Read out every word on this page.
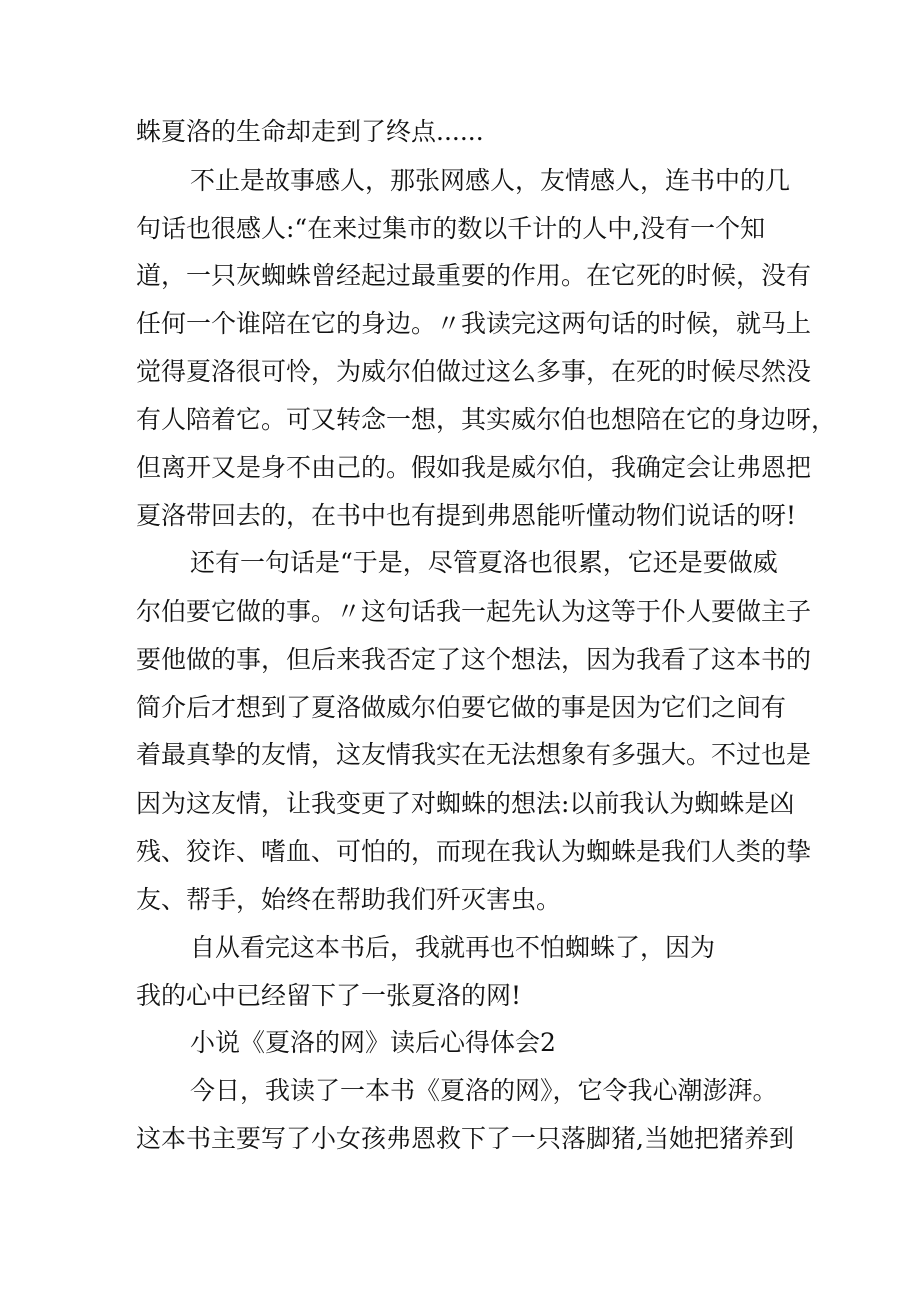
蛛夏洛的生命却走到了终点......
不止是故事感人，那张网感人，友情感人，连书中的几
句话也很感人:“在来过集市的数以千计的人中,没有一个知
道，一只灰蜘蛛曾经起过最重要的作用。在它死的时候，没有
任何一个谁陪在它的身边。〃我读完这两句话的时候，就马上
觉得夏洛很可怜，为威尔伯做过这么多事，在死的时候尽然没
有人陪着它。可又转念一想，其实威尔伯也想陪在它的身边呀，
但离开又是身不由己的。假如我是威尔伯，我确定会让弗恩把
夏洛带回去的，在书中也有提到弗恩能听懂动物们说话的呀!
还有一句话是“于是，尽管夏洛也很累，它还是要做威
尔伯要它做的事。〃这句话我一起先认为这等于仆人要做主子
要他做的事，但后来我否定了这个想法，因为我看了这本书的
简介后才想到了夏洛做威尔伯要它做的事是因为它们之间有
着最真挚的友情，这友情我实在无法想象有多强大。不过也是
因为这友情，让我变更了对蜘蛛的想法:以前我认为蜘蛛是凶
残、狡诈、嗜血、可怕的，而现在我认为蜘蛛是我们人类的挚
友、帮手，始终在帮助我们歼灭害虫。
自从看完这本书后，我就再也不怕蜘蛛了，因为
我的心中已经留下了一张夏洛的网!
小说《夏洛的网》读后心得体会2
今日，我读了一本书《夏洛的网》，它令我心潮澎湃。
这本书主要写了小女孩弗恩救下了一只落脚猪,当她把猪养到
